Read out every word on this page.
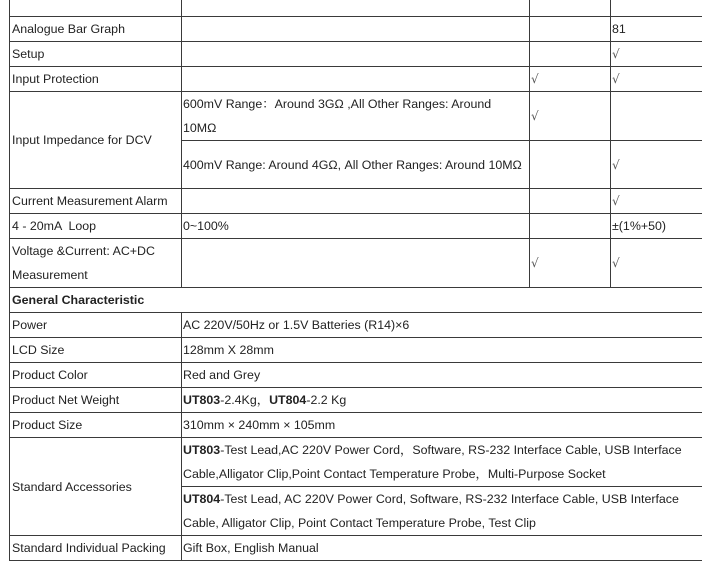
Analogue Bar Graph			81
Setup			√
Input Protection		√	√
Input Impedance for DCV	600mV Range：Around 3GΩ ,All Other Ranges: Around 10MΩ	√	
	400mV Range: Around 4GΩ, All Other Ranges: Around 10MΩ		√
Current Measurement Alarm			√
4 - 20mA  Loop	0~100%		±(1%+50)
Voltage &Current: AC+DC Measurement		√	√
General Characteristic			
Power	AC 220V/50Hz or 1.5V Batteries (R14)×6		
LCD Size	128mm X 28mm		
Product Color	Red and Grey		
Product Net Weight	UT803-2.4Kg，UT804-2.2 Kg		
Product Size	310mm × 240mm × 105mm		
Standard Accessories	UT803-Test Lead,AC 220V Power Cord，Software, RS-232 Interface Cable, USB Interface Cable,Alligator Clip,Point Contact Temperature Probe，Multi-Purpose Socket		
	UT804-Test Lead, AC 220V Power Cord, Software, RS-232 Interface Cable, USB Interface Cable, Alligator Clip, Point Contact Temperature Probe, Test Clip		
Standard Individual Packing	Gift Box, English Manual		
